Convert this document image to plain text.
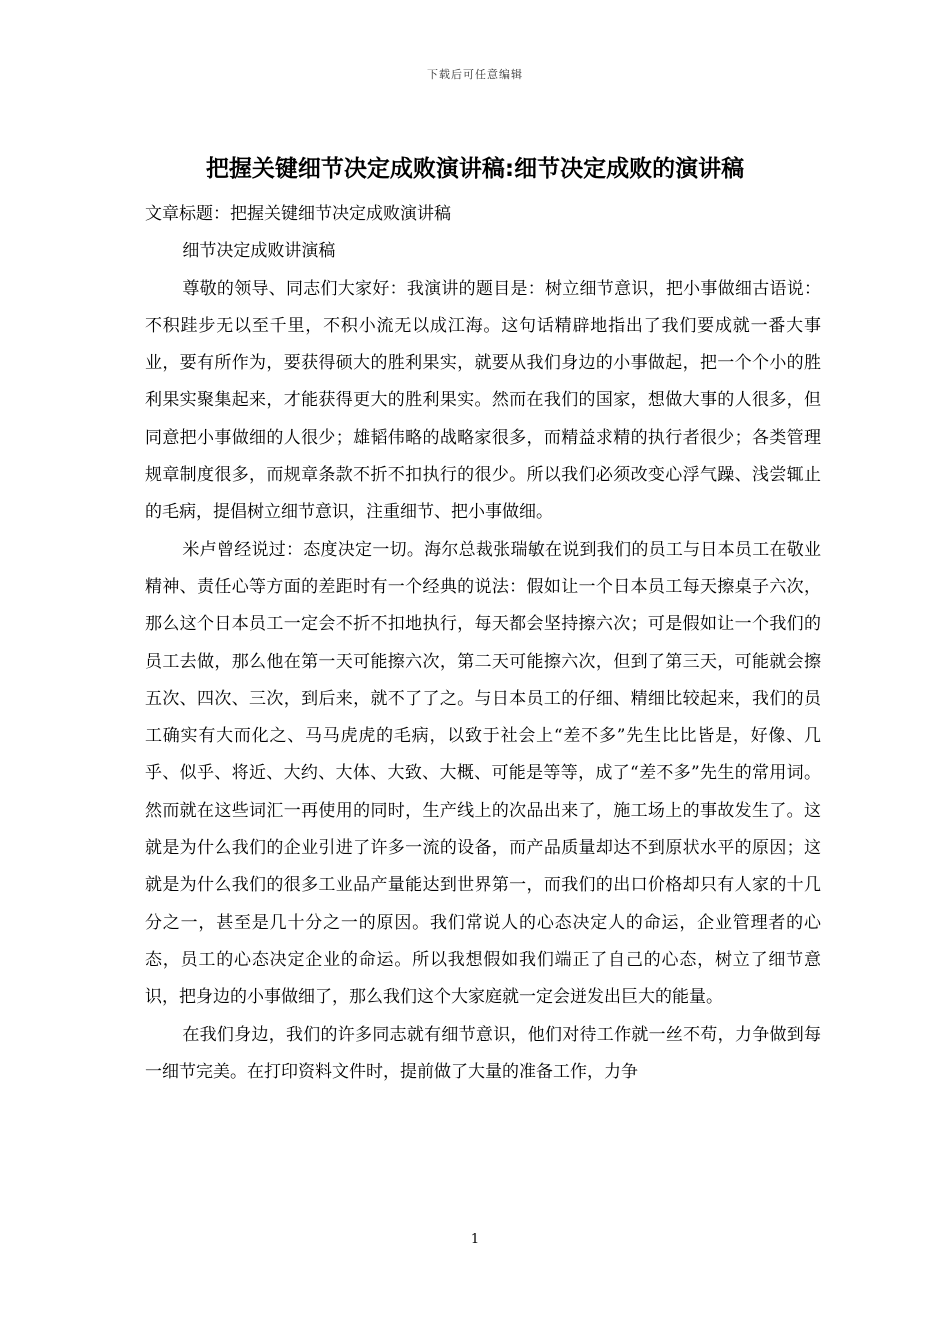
下载后可任意编辑
把握关键细节决定成败演讲稿:细节决定成败的演讲稿

文章标题：把握关键细节决定成败演讲稿

细节决定成败讲演稿

尊敬的领导、同志们大家好：我演讲的题目是：树立细节意识，把小事做细古语说：不积跬步无以至千里，不积小流无以成江海。这句话精辟地指出了我们要成就一番大事业，要有所作为，要获得硕大的胜利果实，就要从我们身边的小事做起，把一个个小的胜利果实聚集起来，才能获得更大的胜利果实。然而在我们的国家，想做大事的人很多，但同意把小事做细的人很少；雄韬伟略的战略家很多，而精益求精的执行者很少；各类管理规章制度很多，而规章条款不折不扣执行的很少。所以我们必须改变心浮气躁、浅尝辄止的毛病，提倡树立细节意识，注重细节、把小事做细。

米卢曾经说过：态度决定一切。海尔总裁张瑞敏在说到我们的员工与日本员工在敬业精神、责任心等方面的差距时有一个经典的说法：假如让一个日本员工每天擦桌子六次，那么这个日本员工一定会不折不扣地执行，每天都会坚持擦六次；可是假如让一个我们的员工去做，那么他在第一天可能擦六次，第二天可能擦六次，但到了第三天，可能就会擦五次、四次、三次，到后来，就不了了之。与日本员工的仔细、精细比较起来，我们的员工确实有大而化之、马马虎虎的毛病，以致于社会上“差不多”先生比比皆是，好像、几乎、似乎、将近、大约、大体、大致、大概、可能是等等，成了“差不多”先生的常用词。然而就在这些词汇一再使用的同时，生产线上的次品出来了，施工场上的事故发生了。这就是为什么我们的企业引进了许多一流的设备，而产品质量却达不到原状水平的原因；这就是为什么我们的很多工业品产量能达到世界第一，而我们的出口价格却只有人家的十几分之一，甚至是几十分之一的原因。我们常说人的心态决定人的命运，企业管理者的心态，员工的心态决定企业的命运。所以我想假如我们端正了自己的心态，树立了细节意识，把身边的小事做细了，那么我们这个大家庭就一定会迸发出巨大的能量。

在我们身边，我们的许多同志就有细节意识，他们对待工作就一丝不苟，力争做到每一细节完美。在打印资料文件时，提前做了大量的准备工作，力争

1
